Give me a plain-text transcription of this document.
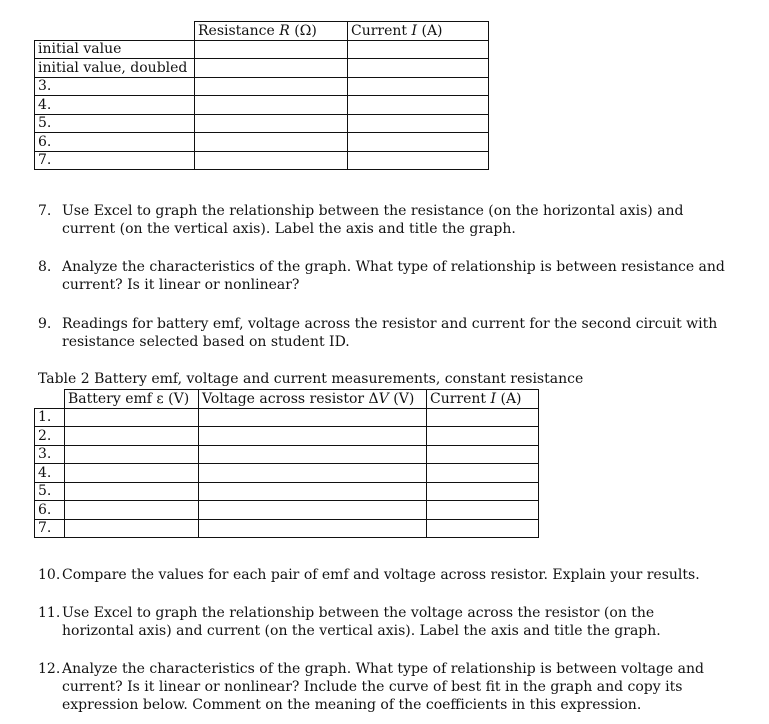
	Resistance R (Ω)	Current I (A)
initial value		
initial value, doubled		
3.		
4.		
5.		
6.		
7.		
7. Use Excel to graph the relationship between the resistance (on the horizontal axis) and current (on the vertical axis). Label the axis and title the graph.
8. Analyze the characteristics of the graph. What type of relationship is between resistance and current? Is it linear or nonlinear?
9. Readings for battery emf, voltage across the resistor and current for the second circuit with resistance selected based on student ID.
Table 2 Battery emf, voltage and current measurements, constant resistance
	Battery emf ε (V)	Voltage across resistor ΔV (V)	Current I (A)
1.			
2.			
3.			
4.			
5.			
6.			
7.			
10. Compare the values for each pair of emf and voltage across resistor. Explain your results.
11. Use Excel to graph the relationship between the voltage across the resistor (on the horizontal axis) and current (on the vertical axis). Label the axis and title the graph.
12. Analyze the characteristics of the graph. What type of relationship is between voltage and current? Is it linear or nonlinear? Include the curve of best fit in the graph and copy its expression below. Comment on the meaning of the coefficients in this expression.
